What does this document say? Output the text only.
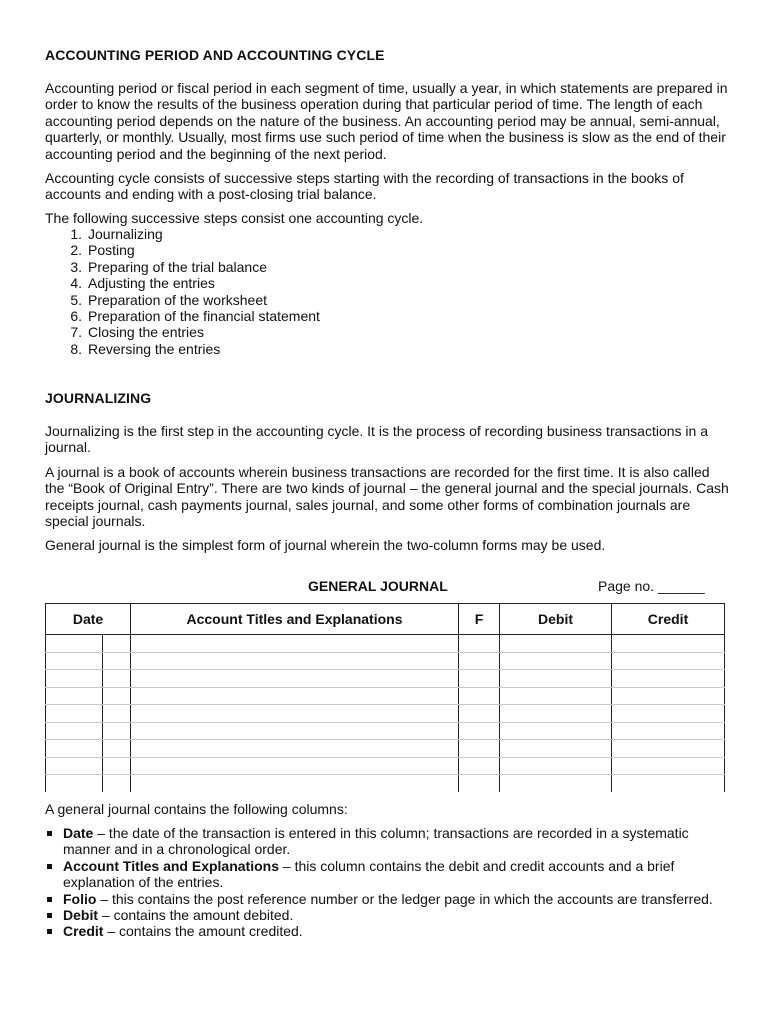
ACCOUNTING PERIOD AND ACCOUNTING CYCLE

Accounting period or fiscal period in each segment of time, usually a year, in which statements are prepared in order to know the results of the business operation during that particular period of time. The length of each accounting period depends on the nature of the business. An accounting period may be annual, semi-annual, quarterly, or monthly. Usually, most firms use such period of time when the business is slow as the end of their accounting period and the beginning of the next period.

Accounting cycle consists of successive steps starting with the recording of transactions in the books of accounts and ending with a post-closing trial balance.

The following successive steps consist one accounting cycle.

1. Journalizing
2. Posting
3. Preparing of the trial balance
4. Adjusting the entries
5. Preparation of the worksheet
6. Preparation of the financial statement
7. Closing the entries
8. Reversing the entries
JOURNALIZING

Journalizing is the first step in the accounting cycle. It is the process of recording business transactions in a journal.

A journal is a book of accounts wherein business transactions are recorded for the first time. It is also called the “Book of Original Entry”. There are two kinds of journal – the general journal and the special journals. Cash receipts journal, cash payments journal, sales journal, and some other forms of combination journals are special journals.

General journal is the simplest form of journal wherein the two-column forms may be used.

GENERAL JOURNAL	Page no. ______
Date		Account Titles and Explanations	F	Debit	Credit

A general journal contains the following columns:

Date – the date of the transaction is entered in this column; transactions are recorded in a systematic manner and in a chronological order.
Account Titles and Explanations – this column contains the debit and credit accounts and a brief explanation of the entries.
Folio – this contains the post reference number or the ledger page in which the accounts are transferred.
Debit – contains the amount debited.
Credit – contains the amount credited.
